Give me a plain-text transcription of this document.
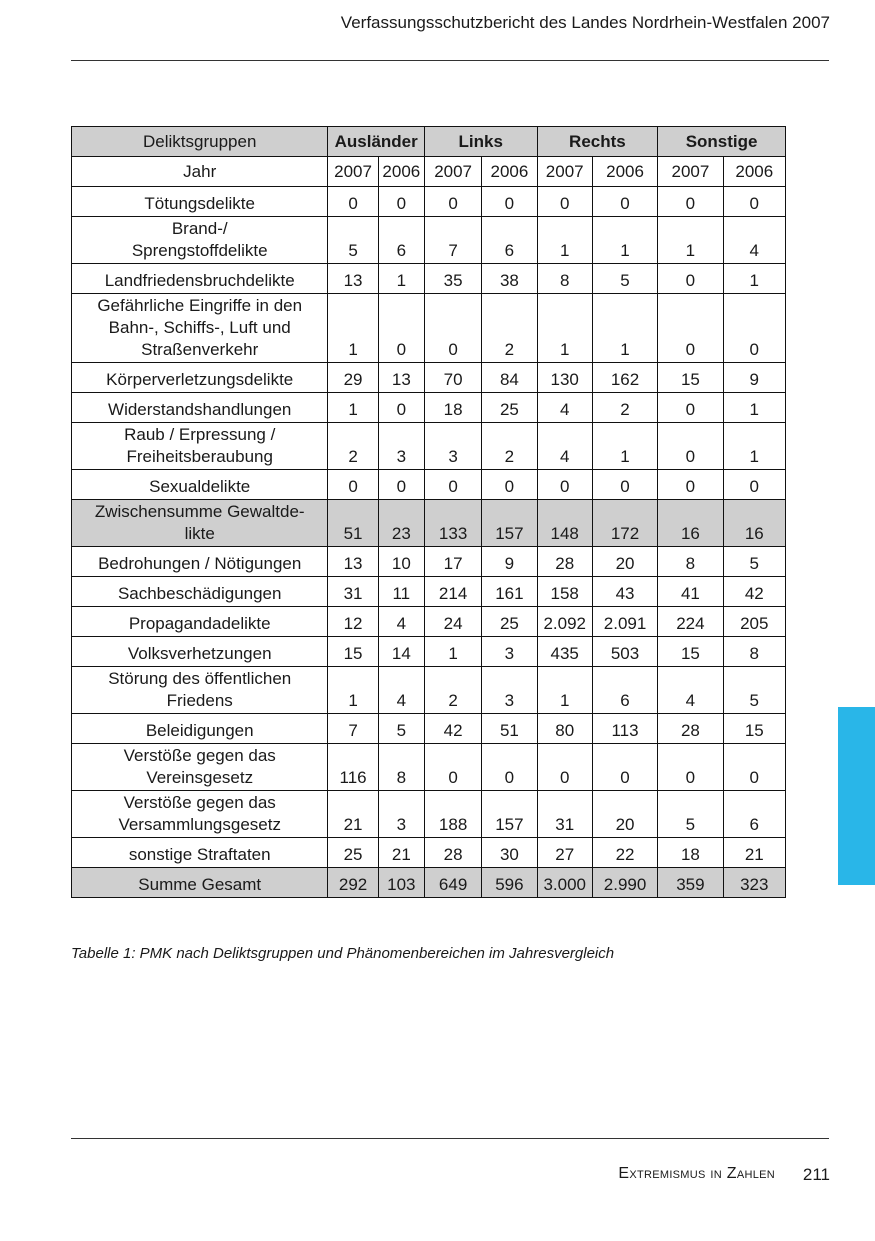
Verfassungsschutzbericht des Landes Nordrhein-Westfalen 2007
Deliktsgruppen	Ausländer		Links		Rechts		Sonstige	
Jahr	2007	2006	2007	2006	2007	2006	2007	2006
Tötungsdelikte	0	0	0	0	0	0	0	0
Brand-/
Sprengstoffdelikte	5	6	7	6	1	1	1	4
Landfriedensbruchdelikte	13	1	35	38	8	5	0	1
Gefährliche Eingriffe in den
Bahn-, Schiffs-, Luft und
Straßenverkehr	1	0	0	2	1	1	0	0
Körperverletzungsdelikte	29	13	70	84	130	162	15	9
Widerstandshandlungen	1	0	18	25	4	2	0	1
Raub / Erpressung /
Freiheitsberaubung	2	3	3	2	4	1	0	1
Sexualdelikte	0	0	0	0	0	0	0	0
Zwischensumme Gewaltde-
likte	51	23	133	157	148	172	16	16
Bedrohungen / Nötigungen	13	10	17	9	28	20	8	5
Sachbeschädigungen	31	11	214	161	158	43	41	42
Propagandadelikte	12	4	24	25	2.092	2.091	224	205
Volksverhetzungen	15	14	1	3	435	503	15	8
Störung des öffentlichen
Friedens	1	4	2	3	1	6	4	5
Beleidigungen	7	5	42	51	80	113	28	15
Verstöße gegen das
Vereinsgesetz	116	8	0	0	0	0	0	0
Verstöße gegen das
Versammlungsgesetz	21	3	188	157	31	20	5	6
sonstige Straftaten	25	21	28	30	27	22	18	21
Summe Gesamt	292	103	649	596	3.000	2.990	359	323
Tabelle 1: PMK nach Deliktsgruppen und Phänomenbereichen im Jahresvergleich
Extremismus in Zahlen 211
